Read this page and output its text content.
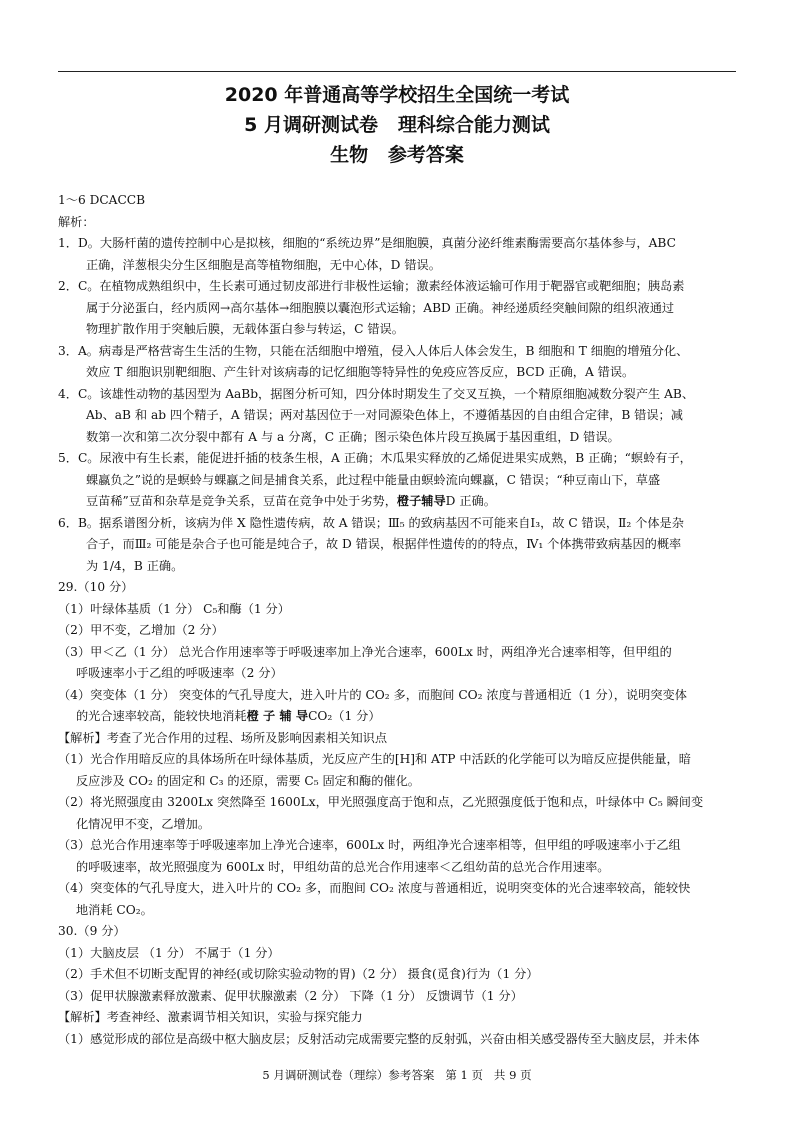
2020 年普通高等学校招生全国统一考试
5 月调研测试卷   理科综合能力测试
生物   参考答案
1～6 DCACCB
解析：
1．D。大肠杆菌的遗传控制中心是拟核，细胞的“系统边界”是细胞膜，真菌分泌纤维素酶需要高尔基体参与，ABC
正确，洋葱根尖分生区细胞是高等植物细胞，无中心体，D 错误。
2．C。在植物成熟组织中，生长素可通过韧皮部进行非极性运输；激素经体液运输可作用于靶器官或靶细胞；胰岛素
属于分泌蛋白，经内质网→高尔基体→细胞膜以囊泡形式运输；ABD 正确。神经递质经突触间隙的组织液通过
物理扩散作用于突触后膜，无载体蛋白参与转运，C 错误。
3．A。病毒是严格营寄生生活的生物，只能在活细胞中增殖，侵入人体后人体会发生，B 细胞和 T 细胞的增殖分化、
效应 T 细胞识别靶细胞、产生针对该病毒的记忆细胞等特异性的免疫应答反应，BCD 正确，A 错误。
4．C。该雄性动物的基因型为 AaBb，据图分析可知，四分体时期发生了交叉互换，一个精原细胞减数分裂产生 AB、
Ab、aB 和 ab 四个精子，A 错误；两对基因位于一对同源染色体上，不遵循基因的自由组合定律，B 错误；减
数第一次和第二次分裂中都有 A 与 a 分离，C 正确；图示染色体片段互换属于基因重组，D 错误。
5．C。尿液中有生长素，能促进扦插的枝条生根，A 正确；木瓜果实释放的乙烯促进果实成熟，B 正确；“螟蛉有子，
蜾蠃负之”说的是螟蛉与蜾蠃之间是捕食关系，此过程中能量由螟蛉流向蜾蠃，C 错误；“种豆南山下，草盛
豆苗稀”豆苗和杂草是竞争关系，豆苗在竞争中处于劣势，橙子辅导D 正确。
6．B。据系谱图分析，该病为伴 X 隐性遗传病，故 A 错误；Ⅲ₅ 的致病基因不可能来自Ⅰ₃，故 C 错误，Ⅱ₂ 个体是杂
合子，而Ⅲ₂ 可能是杂合子也可能是纯合子，故 D 错误，根据伴性遗传的的特点，Ⅳ₁ 个体携带致病基因的概率
为 1/4，B 正确。
29.（10 分）
（1）叶绿体基质（1 分） C₅和酶（1 分）
（2）甲不变，乙增加（2 分）
（3）甲＜乙（1 分） 总光合作用速率等于呼吸速率加上净光合速率，600Lx 时，两组净光合速率相等，但甲组的
呼吸速率小于乙组的呼吸速率（2 分）
（4）突变体（1 分） 突变体的气孔导度大，进入叶片的 CO₂ 多，而胞间 CO₂ 浓度与普通相近（1 分），说明突变体
的光合速率较高，能较快地消耗橙 子 辅 导CO₂（1 分）
【解析】考查了光合作用的过程、场所及影响因素相关知识点
（1）光合作用暗反应的具体场所在叶绿体基质，光反应产生的[H]和 ATP 中活跃的化学能可以为暗反应提供能量，暗
反应涉及 CO₂ 的固定和 C₃ 的还原，需要 C₅ 固定和酶的催化。
（2）将光照强度由 3200Lx 突然降至 1600Lx，甲光照强度高于饱和点，乙光照强度低于饱和点，叶绿体中 C₅ 瞬间变
化情况甲不变，乙增加。
（3）总光合作用速率等于呼吸速率加上净光合速率，600Lx 时，两组净光合速率相等，但甲组的呼吸速率小于乙组
的呼吸速率，故光照强度为 600Lx 时，甲组幼苗的总光合作用速率＜乙组幼苗的总光合作用速率。
（4）突变体的气孔导度大，进入叶片的 CO₂ 多，而胞间 CO₂ 浓度与普通相近，说明突变体的光合速率较高，能较快
地消耗 CO₂。
30.（9 分）
（1）大脑皮层 （1 分） 不属于（1 分）
（2）手术但不切断支配胃的神经(或切除实验动物的胃)（2 分） 摄食(觅食)行为（1 分）
（3）促甲状腺激素释放激素、促甲状腺激素（2 分） 下降（1 分） 反馈调节（1 分）
【解析】考查神经、激素调节相关知识，实验与探究能力
（1）感觉形成的部位是高级中枢大脑皮层；反射活动完成需要完整的反射弧，兴奋由相关感受器传至大脑皮层，并未体
5 月调研测试卷（理综）参考答案   第 1 页   共 9 页
